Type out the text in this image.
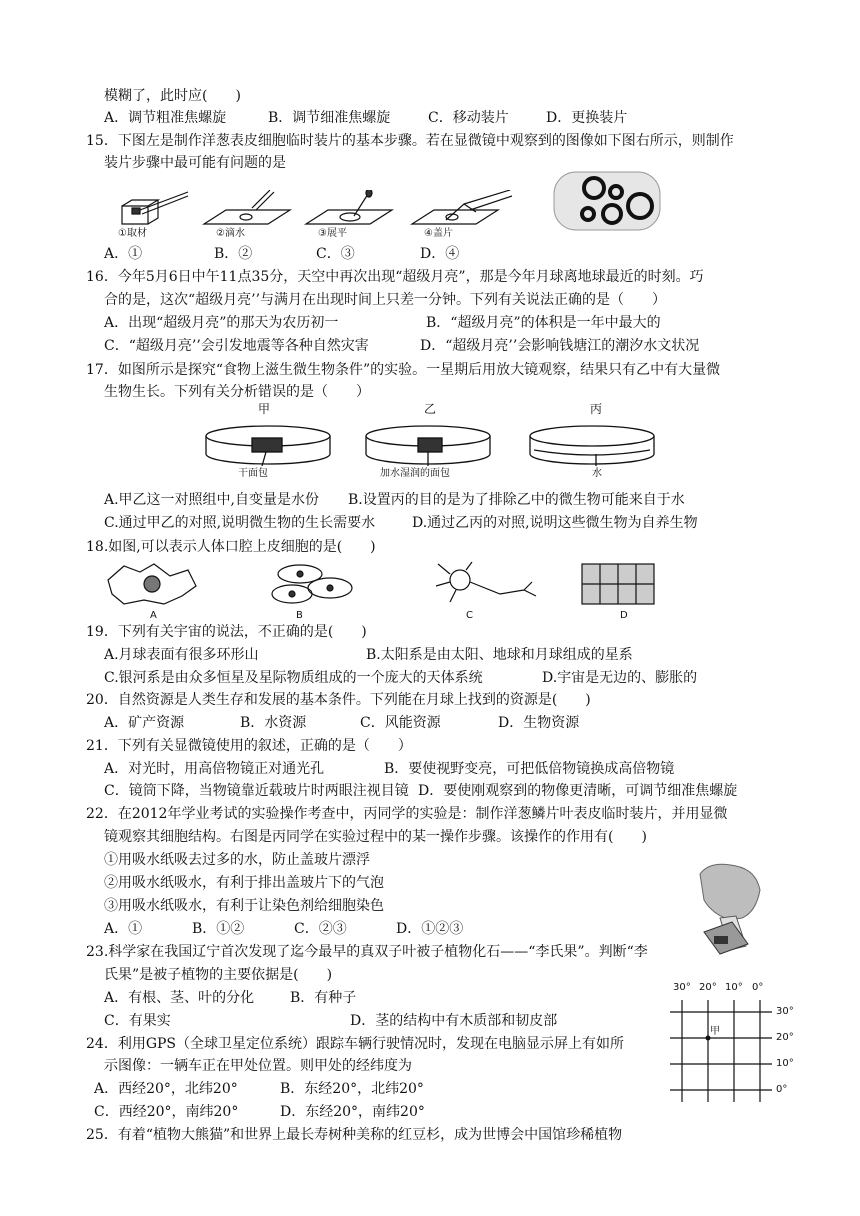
模糊了，此时应(　　)
A．调节粗准焦螺旋	B．调节细准焦螺旋	C．移动装片	D．更换装片
15．下图左是制作洋葱表皮细胞临时装片的基本步骤。若在显微镜中观察到的图像如下图右所示，则制作
装片步骤中最可能有问题的是
①取材	②滴水	③展平	④盖片
A．①	B．②	C．③	D．④
16．今年5月6日中午11点35分，天空中再次出现“超级月亮”，那是今年月球离地球最近的时刻。巧
合的是，这次“超级月亮’’与满月在出现时间上只差一分钟。下列有关说法正确的是（　　）
A．出现“超级月亮”的那天为农历初一	B．“超级月亮”的体积是一年中最大的
C．“超级月亮’’会引发地震等各种自然灾害	D．“超级月亮’’会影响钱塘江的潮汐水文状况
17．如图所示是探究“食物上滋生微生物条件”的实验。一星期后用放大镜观察，结果只有乙中有大量微
生物生长。下列有关分析错误的是（　　）
甲	乙	丙
干面包	加水湿润的面包	水
A.甲乙这一对照组中,自变量是水份 B.设置丙的目的是为了排除乙中的微生物可能来自于水
C.通过甲乙的对照,说明微生物的生长需要水	D.通过乙丙的对照,说明这些微生物为自养生物
18.如图,可以表示人体口腔上皮细胞的是(　　)
A	B	C	D
19．下列有关宇宙的说法，不正确的是(　　)
A.月球表面有很多环形山	B.太阳系是由太阳、地球和月球组成的星系
C.银河系是由众多恒星及星际物质组成的一个庞大的天体系统	D.宇宙是无边的、膨胀的
20．自然资源是人类生存和发展的基本条件。下列能在月球上找到的资源是(　　)
A．矿产资源	B．水资源	C．风能资源	D．生物资源
21．下列有关显微镜使用的叙述，正确的是（　　）
A．对光时，用高倍物镜正对通光孔	B．要使视野变亮，可把低倍物镜换成高倍物镜
C．镜筒下降，当物镜靠近载玻片时两眼注视目镜 D．要使刚观察到的物像更清晰，可调节细准焦螺旋
22．在2012年学业考试的实验操作考查中，丙同学的实验是：制作洋葱鳞片叶表皮临时装片，并用显微
镜观察其细胞结构。右图是丙同学在实验过程中的某一操作步骤。该操作的作用有(　　)
①用吸水纸吸去过多的水，防止盖玻片漂浮
②用吸水纸吸水，有利于排出盖玻片下的气泡
③用吸水纸吸水，有利于让染色剂给细胞染色
A．①	B．①②	C．②③	D．①②③
23.科学家在我国辽宁首次发现了迄今最早的真双子叶被子植物化石——“李氏果”。判断“李
氏果”是被子植物的主要依据是(　　)
A．有根、茎、叶的分化	B．有种子
C．有果实	D．茎的结构中有木质部和韧皮部
24．利用GPS（全球卫星定位系统）跟踪车辆行驶情况时，发现在电脑显示屏上有如所
示图像：一辆车正在甲处位置。则甲处的经纬度为
A．西经20°，北纬20°	B．东经20°，北纬20°
C．西经20°，南纬20°	D．东经20°，南纬20°
30° 20° 10° 0°
30°
20°
10°
0°
甲
25．有着“植物大熊猫”和世界上最长寿树种美称的红豆杉，成为世博会中国馆珍稀植物
